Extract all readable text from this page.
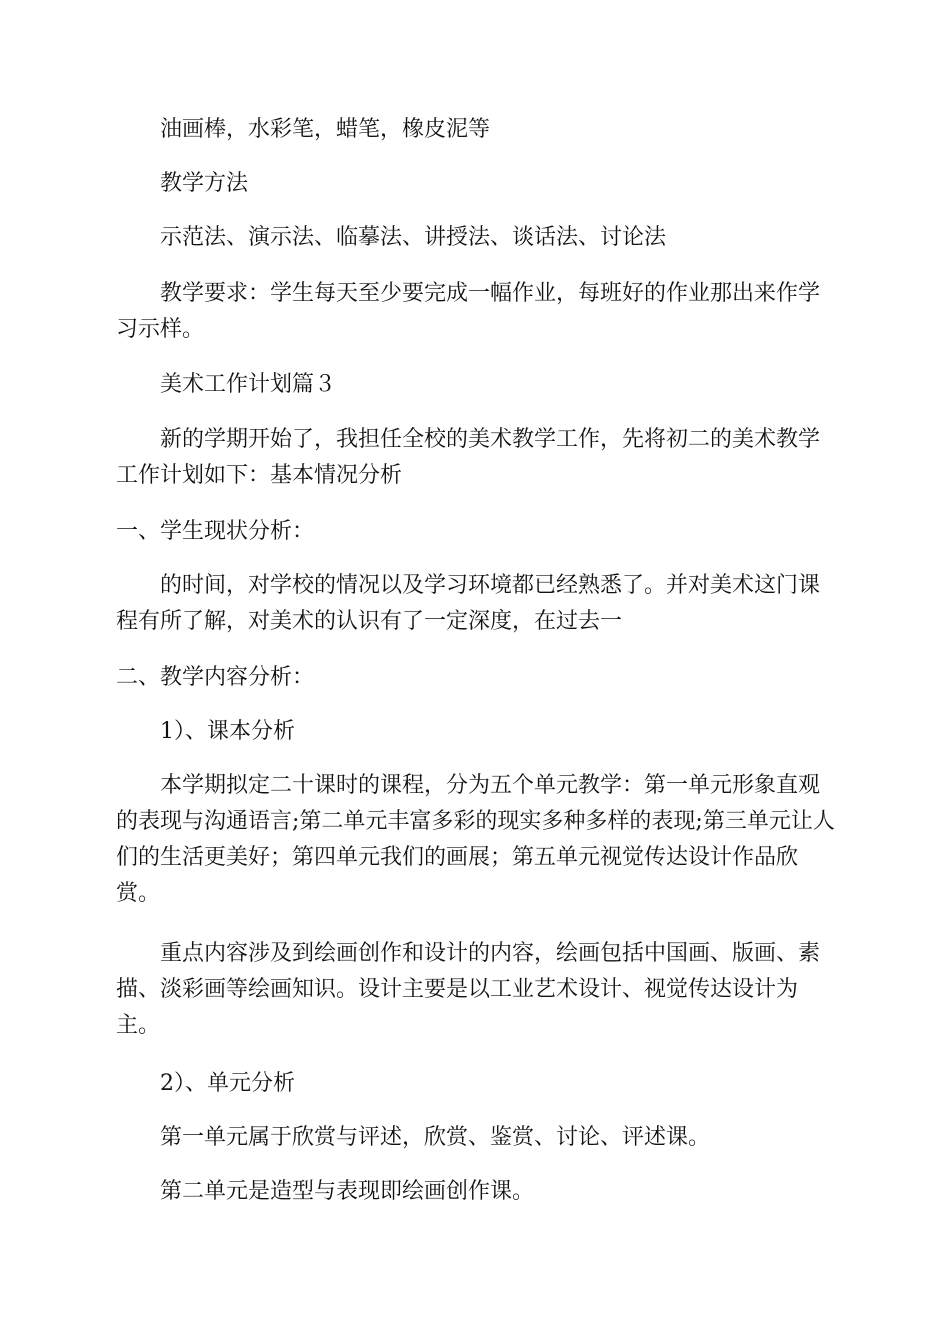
油画棒，水彩笔，蜡笔，橡皮泥等

教学方法

示范法、演示法、临摹法、讲授法、谈话法、讨论法

教学要求：学生每天至少要完成一幅作业，每班好的作业那出来作学习示样。

美术工作计划篇３

新的学期开始了，我担任全校的美术教学工作，先将初二的美术教学工作计划如下：基本情况分析

一、学生现状分析：

的时间，对学校的情况以及学习环境都已经熟悉了。并对美术这门课程有所了解，对美术的认识有了一定深度，在过去一

二、教学内容分析：

1）、课本分析

本学期拟定二十课时的课程，分为五个单元教学：第一单元形象直观的表现与沟通语言;第二单元丰富多彩的现实多种多样的表现;第三单元让人们的生活更美好；第四单元我们的画展；第五单元视觉传达设计作品欣赏。

重点内容涉及到绘画创作和设计的内容，绘画包括中国画、版画、素描、淡彩画等绘画知识。设计主要是以工业艺术设计、视觉传达设计为主。

2）、单元分析

第一单元属于欣赏与评述，欣赏、鉴赏、讨论、评述课。

第二单元是造型与表现即绘画创作课。
